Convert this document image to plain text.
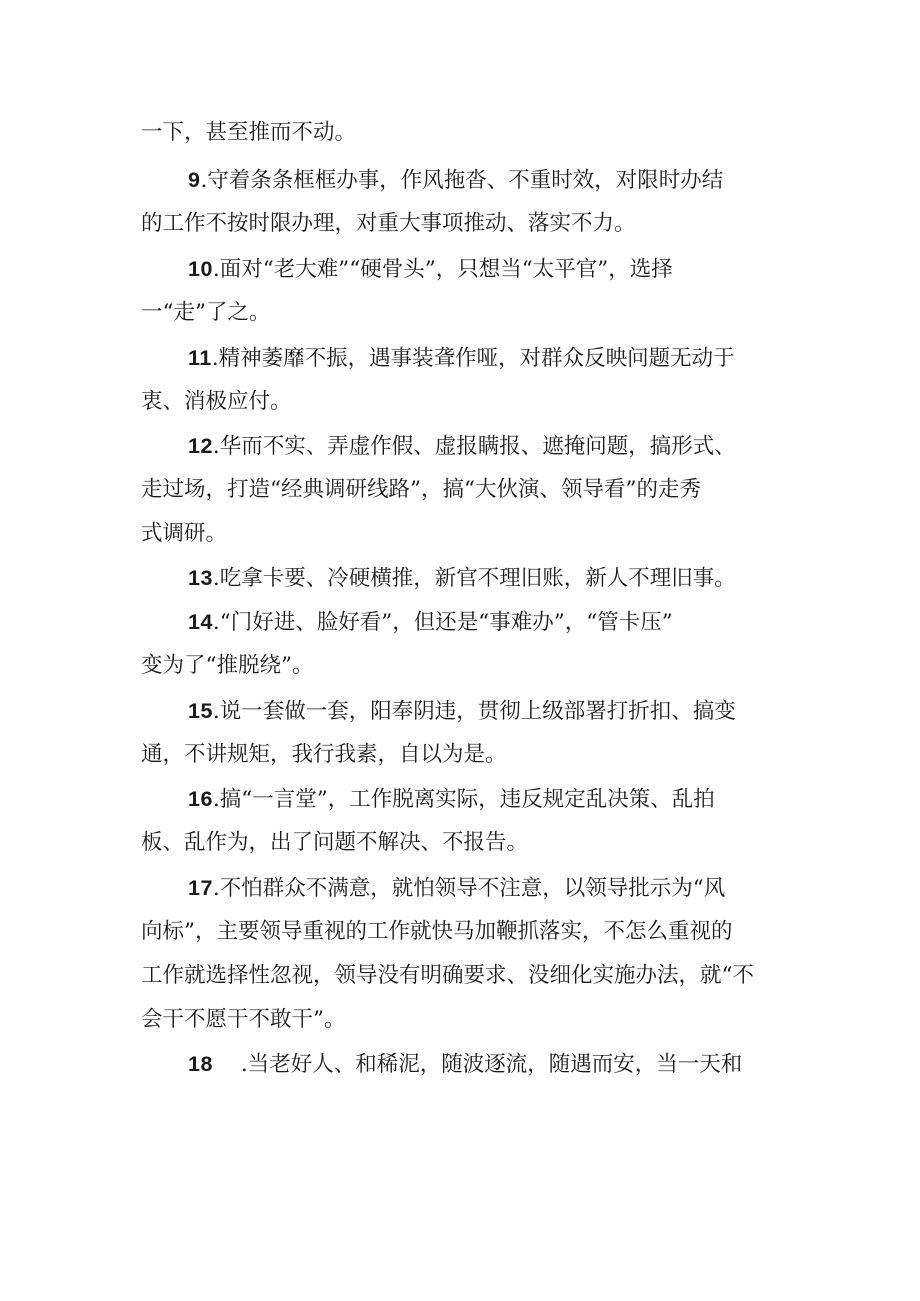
一下，甚至推而不动。
9.守着条条框框办事，作风拖沓、不重时效，对限时办结
的工作不按时限办理，对重大事项推动、落实不力。
10.面对“老大难”“硬骨头”，只想当“太平官”，选择
一“走”了之。
11.精神萎靡不振，遇事装聋作哑，对群众反映问题无动于
衷、消极应付。
12.华而不实、弄虚作假、虚报瞒报、遮掩问题，搞形式、
走过场，打造“经典调研线路”，搞“大伙演、领导看”的走秀
式调研。
13.吃拿卡要、冷硬横推，新官不理旧账，新人不理旧事。
14.“门好进、脸好看”，但还是“事难办”，“管卡压”
变为了“推脱绕”。
15.说一套做一套，阳奉阴违，贯彻上级部署打折扣、搞变
通，不讲规矩，我行我素，自以为是。
16.搞“一言堂”，工作脱离实际，违反规定乱决策、乱拍
板、乱作为，出了问题不解决、不报告。
17.不怕群众不满意，就怕领导不注意，以领导批示为“风
向标”，主要领导重视的工作就快马加鞭抓落实，不怎么重视的
工作就选择性忽视，领导没有明确要求、没细化实施办法，就“不
会干不愿干不敢干”。
18 .当老好人、和稀泥，随波逐流，随遇而安，当一天和
